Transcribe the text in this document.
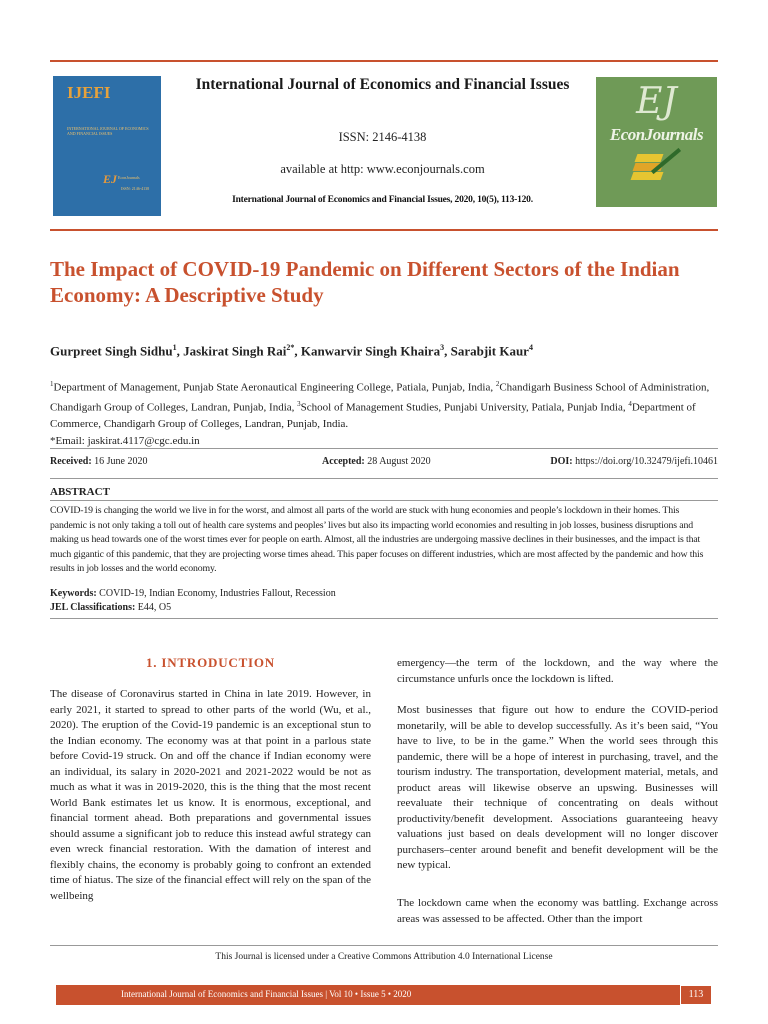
IJEFI
INTERNATIONAL JOURNAL OF ECONOMICS AND FINANCIAL ISSUES
EJ EconJournals
ISSN: 2146-4138
International Journal of Economics and Financial Issues
ISSN: 2146-4138
available at http: www.econjournals.com
International Journal of Economics and Financial Issues, 2020, 10(5), 113-120.
EJ
EconJournals
The Impact of COVID-19 Pandemic on Different Sectors of the Indian Economy: A Descriptive Study
Gurpreet Singh Sidhu$^1$, Jaskirat Singh Rai$^{2*}$, Kanwarvir Singh Khaira$^3$, Sarabjit Kaur$^4$
$^1$Department of Management, Punjab State Aeronautical Engineering College, Patiala, Punjab, India, $^2$Chandigarh Business School of Administration, Chandigarh Group of Colleges, Landran, Punjab, India, $^3$School of Management Studies, Punjabi University, Patiala, Punjab India, $^4$Department of Commerce, Chandigarh Group of Colleges, Landran, Punjab, India.
*Email: jaskirat.4117@cgc.edu.in
Received: 16 June 2020	Accepted: 28 August 2020	DOI: https://doi.org/10.32479/ijefi.10461
ABSTRACT
COVID-19 is changing the world we live in for the worst, and almost all parts of the world are stuck with hung economies and people’s lockdown in their homes. This pandemic is not only taking a toll out of health care systems and peoples’ lives but also its impacting world economies and resulting in job losses, business disruptions and making us head towards one of the worst times ever for people on earth. Almost, all the industries are undergoing massive declines in their businesses, and the impact is that much gigantic of this pandemic, that they are projecting worse times ahead. This paper focuses on different industries, which are most affected by the pandemic and how this results in job losses and the world economy.
Keywords: COVID-19, Indian Economy, Industries Fallout, Recession
JEL Classifications: E44, O5
1. INTRODUCTION

The disease of Coronavirus started in China in late 2019. However, in early 2021, it started to spread to other parts of the world (Wu, et al., 2020). The eruption of the Covid-19 pandemic is an exceptional stun to the Indian economy. The economy was at that point in a parlous state before Covid-19 struck. On and off the chance if Indian economy were an individual, its salary in 2020-2021 and 2021-2022 would be not as much as what it was in 2019-2020, this is the thing that the most recent World Bank estimates let us know. It is enormous, exceptional, and financial torment ahead. Both preparations and governmental issues should assume a significant job to reduce this instead awful strategy can even wreck financial restoration. With the damation of interest and flexibly chains, the economy is probably going to confront an extended time of hiatus. The size of the financial effect will rely on the span of the wellbeing

emergency—the term of the lockdown, and the way where the circumstance unfurls once the lockdown is lifted.

Most businesses that figure out how to endure the COVID-period monetarily, will be able to develop successfully. As it’s been said, “You have to live, to be in the game.” When the world sees through this pandemic, there will be a hope of interest in purchasing, travel, and the tourism industry. The transportation, development material, metals, and product areas will likewise observe an upswing. Businesses will reevaluate their technique of concentrating on deals without productivity/benefit development. Associations guaranteeing heavy valuations just based on deals development will no longer discover purchasers–center around benefit and benefit development will be the new typical.

The lockdown came when the economy was battling. Exchange across areas was assessed to be affected. Other than the import

This Journal is licensed under a Creative Commons Attribution 4.0 International License
International Journal of Economics and Financial Issues | Vol 10 • Issue 5 • 2020	113
